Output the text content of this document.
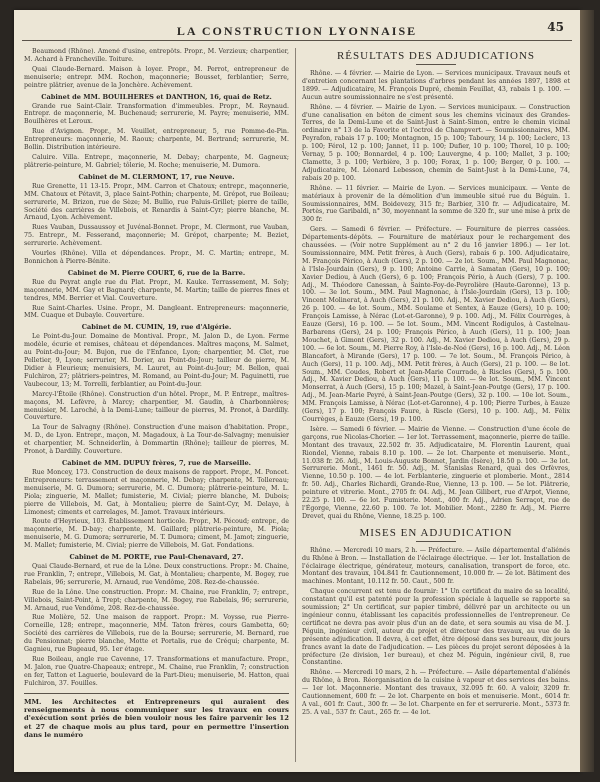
LA CONSTRUCTION LYONNAISE	45

Beaumond (Rhône). Amené d'usine, entrepôts. Propr., M. Verzieux; charpentier, M. Achard à Francheville. Toiture.

Quai Claude-Bernard. Maison à loyer. Propr., M. Perrot, entrepreneur de menuiserie; entrepr. MM. Rochon, maçonnerie; Bousset, ferblantier; Serre, peintre plâtrier, avenue de la Jonchère. Achèvement.

Cabinet de MM. BOUILHERES et DANTHON, 16, quai de Retz.

Grande rue Saint-Clair. Transformation d'immeubles. Propr., M. Reynaud. Entrepr. de maçonnerie, M. Buchenaud; serrurerie, M. Payre; menuiserie, MM. Bouilhères et Leroux.

Rue d'Avignon. Propr., M. Veuillet, entrepreneur, 5, rue Pomme-de-Pin. Entrepreneurs: maçonnerie, M. Raoux; charpente, M. Bertrand; serrurerie, M. Bollin. Distribution intérieure.

Caluire. Villa. Entrepr., maçonnerie, M. Debay; charpente, M. Gagneux; plâtrerie-peinture, M. Gabriel; tôlerie, M. Roche; menuiserie, M. Dumora.

Cabinet de M. CLERMONT, 17, rue Neuve.

Rue Grenette, 11 13-15. Propr., MM. Carron et Chatoux; entrepr., maçonnerie, MM. Chatoux et Pétavit, 3, place Saint-Pothin; charpente, M. Grépot, rue Boileau; serrurerie, M. Brizon, rue de Sèze; M. Bullio, rue Paluis-Grillet; pierre de taille, Société des carrières de Villebois, et Renardis à Saint-Cyr; pierre blanche, M. Arnaud, Lyon. Achèvement.

Rues Vauban, Dussaussoy et Juvénal-Bonnet. Propr., M. Clermont, rue Vauban, 75. Entrepr., M. Fesserand, maçonnerie; M. Grépot, charpente; M. Beziet, serrurerie. Achèvement.

Vourles (Rhône). Villa et dépendances. Propr., M. C. Martin; entrepr., M. Bonnichon à Pierre-Bénite.

Cabinet de M. Pierre COURT, 6, rue de la Barre.

Rue du Peyrat angle rue du Plat. Propr., M. Kauke. Terrassement, M. Soly; maçonnerie, MM. Gay et Bagnard; charpente, M. Martin; taille de pierres fines et tendres, MM. Berrier et Vial. Couverture.

Rue Saint-Charles. Usine. Propr., M. Dangleant. Entrepreneurs: maçonnerie, MM. Cuaque et Dubayle. Couverture.

Cabinet de M. CUMIN, 19, rue d'Algérie.

Le Point-du-Jour. Domaine de Montival. Propr., M. Jalon D., de Lyon. Ferme modèle, écurie et remises, château et dépendances. Maîtres maçons, M. Salmet, au Point-du-Jour; M. Bujon, rue de l'Enfance, Lyon; charpentier, M. Clet, rue Pelletier, 9, Lyon; serrurier, M. Dorier, au Point-du-Jour; tailleur de pierre, M. Didier à Fleurieux; menuisiers, M. Lauret, au Point-du-Jour; M. Bellon, quai Fulchiron, 27; plâtriers-peintres, M. Romand, au Point-du-Jour; M. Paguinetti, rue Vaubecour, 13; M. Torrelli, ferblantier, au Point-du-Jour.

Marcy-l'Étoile (Rhône). Construction d'un hôtel. Propr., M. P. Entrepr., maîtres-maçons, M. Lefèvre, à Marcy; charpentier, M. Gaudin, à Charbonnières; menuisier, M. Laroché, à la Demi-Lune; tailleur de pierres, M. Pronot, à Dardilly. Couverture.

La Tour de Salvagny (Rhône). Construction d'une maison d'habitation. Propr., M. D., de Lyon. Entrepr., maçon, M. Magadoux, à La Tour-de-Salvagny; menuisier et charpentier, M. Schneiderlin, à Dommartin (Rhône); tailleur de pierres, M. Pronot, à Dardilly. Couverture.

Cabinet de MM. DUPUY frères, 7, rue de Marseille.

Rue Moncey, 173. Construction de deux maisons de rapport. Propr., M. Poncet. Entrepreneurs: terrassement et maçonnerie, M. Debay; charpente, M. Tollereau; menuiserie, M. G. Dumora; serrurerie, M. C. Dumora; plâtrerie-peinture, M. L. Piola; zinguerie, M. Mallet; fumisterie, M. Civial; pierre blanche, M. Dubois; pierre de Villebois, M. Gat, à Montalieu; pierre de Saint-Cyr, M. Delaye, à Limonest; ciments et carrelages, M. Jamot. Travaux intérieurs.

Route d'Heyrieux, 103. Établissement horticole. Propr., M. Pécoud; entrepr., de maçonnerie, M. D-bay; charpente, M. Gaillard; plâtrerie-peinture, M. Piola; menuiserie, M. G. Dumora; serrurerie, M. T. Dumora; ciment, M. Jamot; zinguerie, M. Mallet; fumisterie, M. Civial; pierre de Villebois, M. Gat. Fondations.

Cabinet de M. PORTE, rue Paul-Chenavard, 27.

Quai Claude-Bernard, et rue de la Lône. Deux constructions. Propr.: M. Chaine, rue Franklin, 7; entrepr., Villebois, M. Gat, à Montalieu; charpente, M. Bogey, rue Rabelais, 96; serrurerie, M. Arnaud, rue Vendôme, 208. Rez-de-chaussée.

Rue de la Lône. Une construction. Propr.: M. Chaine, rue Franklin, 7; entrepr., Villebois, Saint-Point, à Trept; charpente, M. Bogey, rue Rabelais, 96; serrurerie, M. Arnaud, rue Vendôme, 208. Rez-de-chaussée.

Rue Molière, 52. Une maison de rapport. Propr.: M. Voysse, rue Pierre-Corneille, 128; entrepr., maçonnerie, MM. Taton frères, cours Gambetta, 60; Société des carrières de Villebois, rue de la Bourse; serrurerie, M. Bernard, rue du Pensionnat; pierre blanche, Motte et Portalis, rue de Créqui; charpente, M. Gagnieu, rue Bugeaud, 95. 1er étage.

Rue Boileau, angle rue Cavenne, 17. Transformations et manufacture. Propr., M. Jalon, rue Quatre-Chapeaux; entrepr., M. Chaine, rue Franklin, 7; construction en fer, Tatton et Laguerie, boulevard de la Part-Dieu; menuiserie, M. Hatton, quai Fulchiron, 37. Fouilles.

MM. les Architectes et Entrepreneurs qui auraient des renseignements à nous communiquer sur les travaux en cours d'exécution sont priés de bien vouloir nous les faire parvenir les 12 et 27 de chaque mois au plus tard, pour en permettre l'insertion dans le numéro
RÉSULTATS DES ADJUDICATIONS

Rhône. — 4 février. — Mairie de Lyon. — Services municipaux. Travaux neufs et d'entretien concernant les plantations d'arbres pendant les années 1897, 1898 et 1899. — Adjudicataire, M. François Dupré, chemin Feuillat, 43, rabais 1 p. 100. — Aucun autre soumissionnaire ne s'est présenté.

Rhône. — 4 février. — Mairie de Lyon. — Services municipaux. — Construction d'une canalisation en béton de ciment sous les chemins vicinaux des Grandes-Terres, de la Demi-Lune et de Saint-Just à Saint-Simon, entre le chemin vicinal ordinaire n° 13 de la Favorite et l'octroi de Champvert. — Soumissionnaires, MM. Peyrafon, rabais 17 p. 100; Montagnon, 15 p. 100; Taboury, 14 p. 100; Leclerc, 13 p. 100; Férol, 12 p. 100; Jannet, 11 p. 100; Dufier, 10 p. 100; Thorel, 10 p. 100; Vernay, 5 p. 100; Bonnardel, 4 p. 100; Lauvergne, 4 p. 100; Mallet, 3 p. 100; Clamette, 3 p. 100; Verbière, 3 p. 100; Forax, 1 p. 100; Berger, 0 p. 100. — Adjudicataire, M. Léonard Lebesson, chemin de Saint-Just à la Demi-Lune, 74, rabais 20 p. 100.

Rhône. — 11 février. — Mairie de Lyon. — Services municipaux. — Vente de matériaux à provenir de la démolition d'un immeuble situé rue du Béguin. 1. Soumissionnaires, MM. Boidevezy, 315 fr.; Barbier, 310 fr. — Adjudicataire, M. Portès, rue Garibaldi, n° 30, moyennant la somme de 320 fr., sur une mise à prix de 300 fr.

Gers. — Samedi 6 février. — Préfecture. — Fourniture de pierres cassées. Départements-dépôts. — Fourniture de matériaux pour le rechargement des chaussées. — (Voir notre Supplément au n° 2 du 16 janvier 1896.) — 1er lot. Soumissionnaire, MM. Petit frères, à Auch (Gers), rabais 6 p. 100. Adjudicataire, M. François Périco, à Auch (Gers), 2 p. 100. — 2e lot. Soum., MM. Paul Magnonac, à l'Isle-Jourdain (Gers), 9 p. 100; Antoine Carrie, à Samatan (Gers), 10 p. 100; Xavier Dediou, à Auch (Gers), 6 p. 100; François Pério, à Auch (Gers), 7 p. 100. Adj., M. Théodore Canessan, à Sainte-Foy-de-Peyrolière (Haute-Garonne), 13 p. 100. — 3e lot. Soum., MM. Paul Magnonac, à l'Isle-Jourdain (Gers), 13 p. 100; Vincent Molinerat, à Auch (Gers), 21 p. 100. Adj., M. Xavier Dediou, à Auch (Gers), 26 p. 100. — 4e lot. Soum., MM. Soulame et Sentex, à Eauze (Gers), 10 p. 100; François Lamisse, à Nérac (Lot-et-Garonne), 9 p. 100. Adj., M. Félix Courrèges, à Eauze (Gers), 16 p. 100. — 5e lot. Soum., MM. Vincent Rodigulos, à Castelnau-Barbarens (Gers), 24 p. 100; François Périco, à Auch (Gers), 11 p. 100; Jean Mouchet, à Gimont (Gers), 32 p. 100. Adj., M. Xavier Dediou, à Auch (Gers), 29 p. 100. — 6e lot. Soum., M. Pierre Roy, à l'Isle-de-Noé (Gers), 16 p. 100. Adj., M. Léon Blancafort, à Mirande (Gers), 17 p. 100. — 7e lot. Soum., M. François Périco, à Auch (Gers), 11 p. 100. Adj., MM. Petit frères, à Auch (Gers), 21 p. 100. — 8e lot. Soum., MM. Coudes, Robert et Jean-Marie Courrade, à Riscles (Gers), 5 p. 100. Adj., M. Xavier Dediou, à Auch (Gers), 11 p. 100. — 9e lot. Soum., MM. Vincent Monserrat, à Auch (Gers), 15 p. 100; Mazel, à Saint-Jean-Poutge (Gers), 17 p. 100. Adj., M. Jean-Marie Peyré, à Saint-Jean-Poutge (Gers), 32 p. 100. — 10e lot. Soum., MM. François Lamisse, à Nérac (Lot-et-Garonne), 4 p. 100; Pierre Turbes, à Eauze (Gers), 17 p. 100; François Faure, à Riscle (Gers), 10 p. 100. Adj., M. Félix Courrèges, à Eauze (Gers), 19 p. 100.

Isère. — Samedi 6 février. — Mairie de Vienne. — Construction d'une école de garçons, rue Nicolas-Chorier. — 1er lot. Terrassement, maçonnerie, pierre de taille. Montant des travaux, 22.502 fr. 35. Adjudicataire, M. Florentin Laurent, quai Riondel, Vienne, rabais 8.10 p. 100. — 2e lot. Charpente et menuiserie. Mont., 11.038 fr. 26. Adj., M. Louis-Auguste Bonnet, Jardin (Isère), 18.50 p. 100. — 3e lot. Serrurerie. Mont., 1461 fr. 50. Adj., M. Stanislas Renard, quai des Orfèvres, Vienne, 10.50 p. 100. — 4e lot. Ferblanterie, zinguerie et plomberie. Mont., 2814 fr. 50. Adj., Charles Richardi, Grande-Rue, Vienne, 13 p. 100. — 5e lot. Plâtrerie, peinture et vitrerie. Mont., 2705 fr. 04. Adj., M. Jean Gilibert, rue d'Arpot, Vienne, 22.25 p. 100. — 6e lot. Fumisterie. Mont., 400 fr. Adj., Adrien Serraçot, rue de l'Égorge, Vienne, 22.60 p. 100. 7e lot. Mobilier. Mont., 2280 fr. Adj., M. Pierre Drevet, quai du Rhône, Vienne, 18.25 p. 100.

MISES EN ADJUDICATION

Rhône. — Mercredi 10 mars, 2 h. — Préfecture. — Asile départemental d'aliénés du Rhône à Bron. — Installation de l'éclairage électrique. — 1er lot. Installation de l'éclairage électrique, générateur, moteurs, canalisation, transport de force, etc. Montant des travaux, 104.841 fr. Cautionnement, 10.000 fr. — 2e lot. Bâtiment des machines. Montant, 10.112 fr. 50. Caut., 500 fr.

Chaque concurrent est tenu de fournir: 1° Un certificat du maire de sa localité, constatant qu'il est patenté pour la profession spéciale à laquelle se rapporte sa soumission; 2° Un certificat, sur papier timbré, délivré par un architecte ou un ingénieur connu, établissant les capacités professionnelles de l'entrepreneur. Ce certificat ne devra pas avoir plus d'un an de date, et sera soumis au visa de M. J. Péguin, ingénieur civil, auteur du projet et directeur des travaux, au vue de la présente adjudication. Il devra, à cet effet, être déposé dans ses bureaux, dix jours francs avant la date de l'adjudication. — Les pièces du projet seront déposées à la préfecture (2e division, 1er bureau), et chez M. Péguin, ingénieur civil, 8, rue Constantine.

Rhône. — Mercredi 10 mars, 2 h. — Préfecture. — Asile départemental d'aliénés du Rhône, à Bron. Réorganisation de la cuisine à vapeur et des services des bains. — 1er lot. Maçonnerie. Montant des travaux, 32.095 fr. 60. A valoir, 3209 fr. Cautionnement, 600 fr. — 2e lot. Charpente en bois et menuiserie. Mont., 6014 fr. A val., 601 fr. Caut., 300 fr. — 3e lot. Charpente en fer et serrurerie. Mont., 5373 fr. 25. A val., 537 fr. Caut., 265 fr. — 4e lot.
